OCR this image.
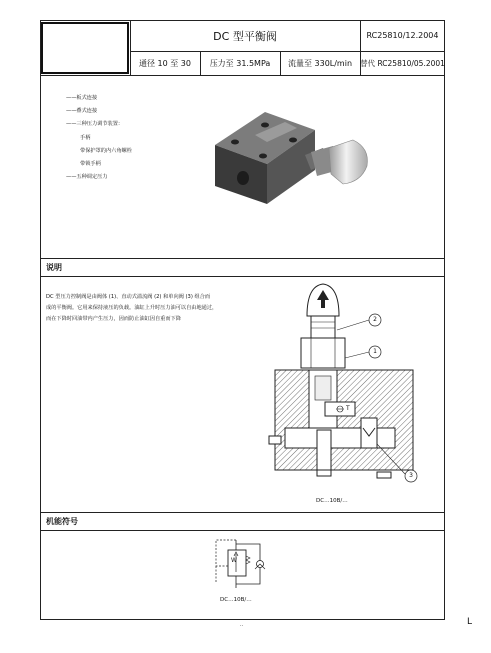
DC 型平衡阀	RC25810/12.2004
通径 10 至 30	压力至 31.5MPa	流量至 330L/min	替代 RC25810/05.2001
——板式连接
——叠式连接
——三种压力调节装置：
手柄
带保护罩的内六角螺栓
带锁手柄
——五种调定压力
说明
DC 型压力控制阀是由阀体 (1)、直动式溢流阀 (2) 和单向阀 (3) 组合而
成的平衡阀。它用来保持液压的负载。油缸上升时压力油可以自由地通过，
而在下降时回油带内产生压力，因而防止油缸因自重而下降	2
1
3
T
DC…10B/…
机能符号
W
DC…10B/…
..	L
